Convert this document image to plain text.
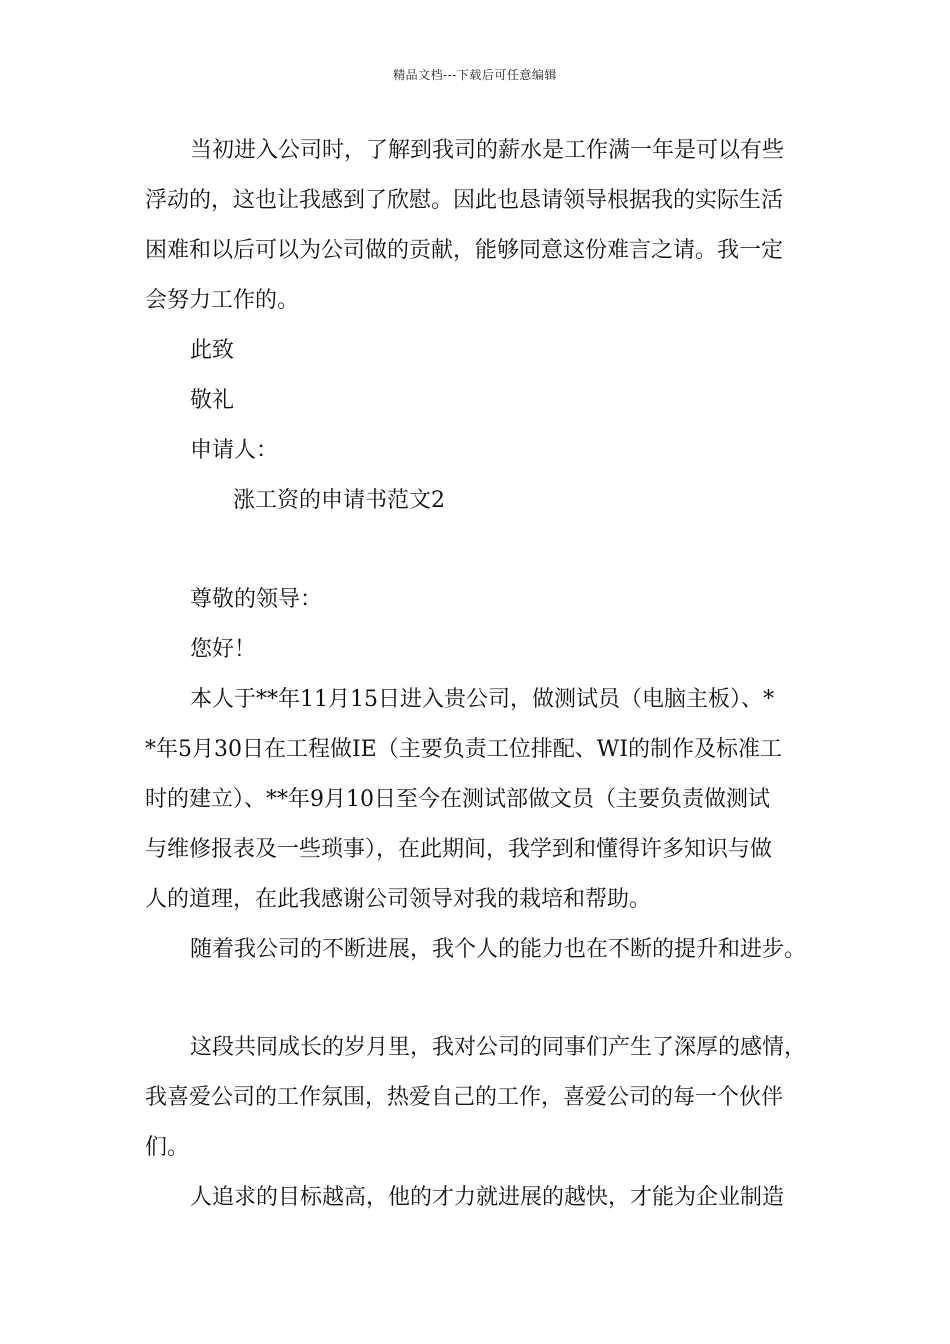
精品文档---下载后可任意编辑
当初进入公司时，了解到我司的薪水是工作满一年是可以有些
浮动的，这也让我感到了欣慰。因此也恳请领导根据我的实际生活
困难和以后可以为公司做的贡献，能够同意这份难言之请。我一定
会努力工作的。
此致
敬礼
申请人：
涨工资的申请书范文2
尊敬的领导：
您好！
本人于**年11月15日进入贵公司，做测试员（电脑主板）、*
*年5月30日在工程做IE（主要负责工位排配、WI的制作及标准工
时的建立）、**年9月10日至今在测试部做文员（主要负责做测试
与维修报表及一些琐事），在此期间，我学到和懂得许多知识与做
人的道理，在此我感谢公司领导对我的栽培和帮助。
随着我公司的不断进展，我个人的能力也在不断的提升和进步。
这段共同成长的岁月里，我对公司的同事们产生了深厚的感情，
我喜爱公司的工作氛围，热爱自己的工作，喜爱公司的每一个伙伴
们。
人追求的目标越高，他的才力就进展的越快，才能为企业制造
